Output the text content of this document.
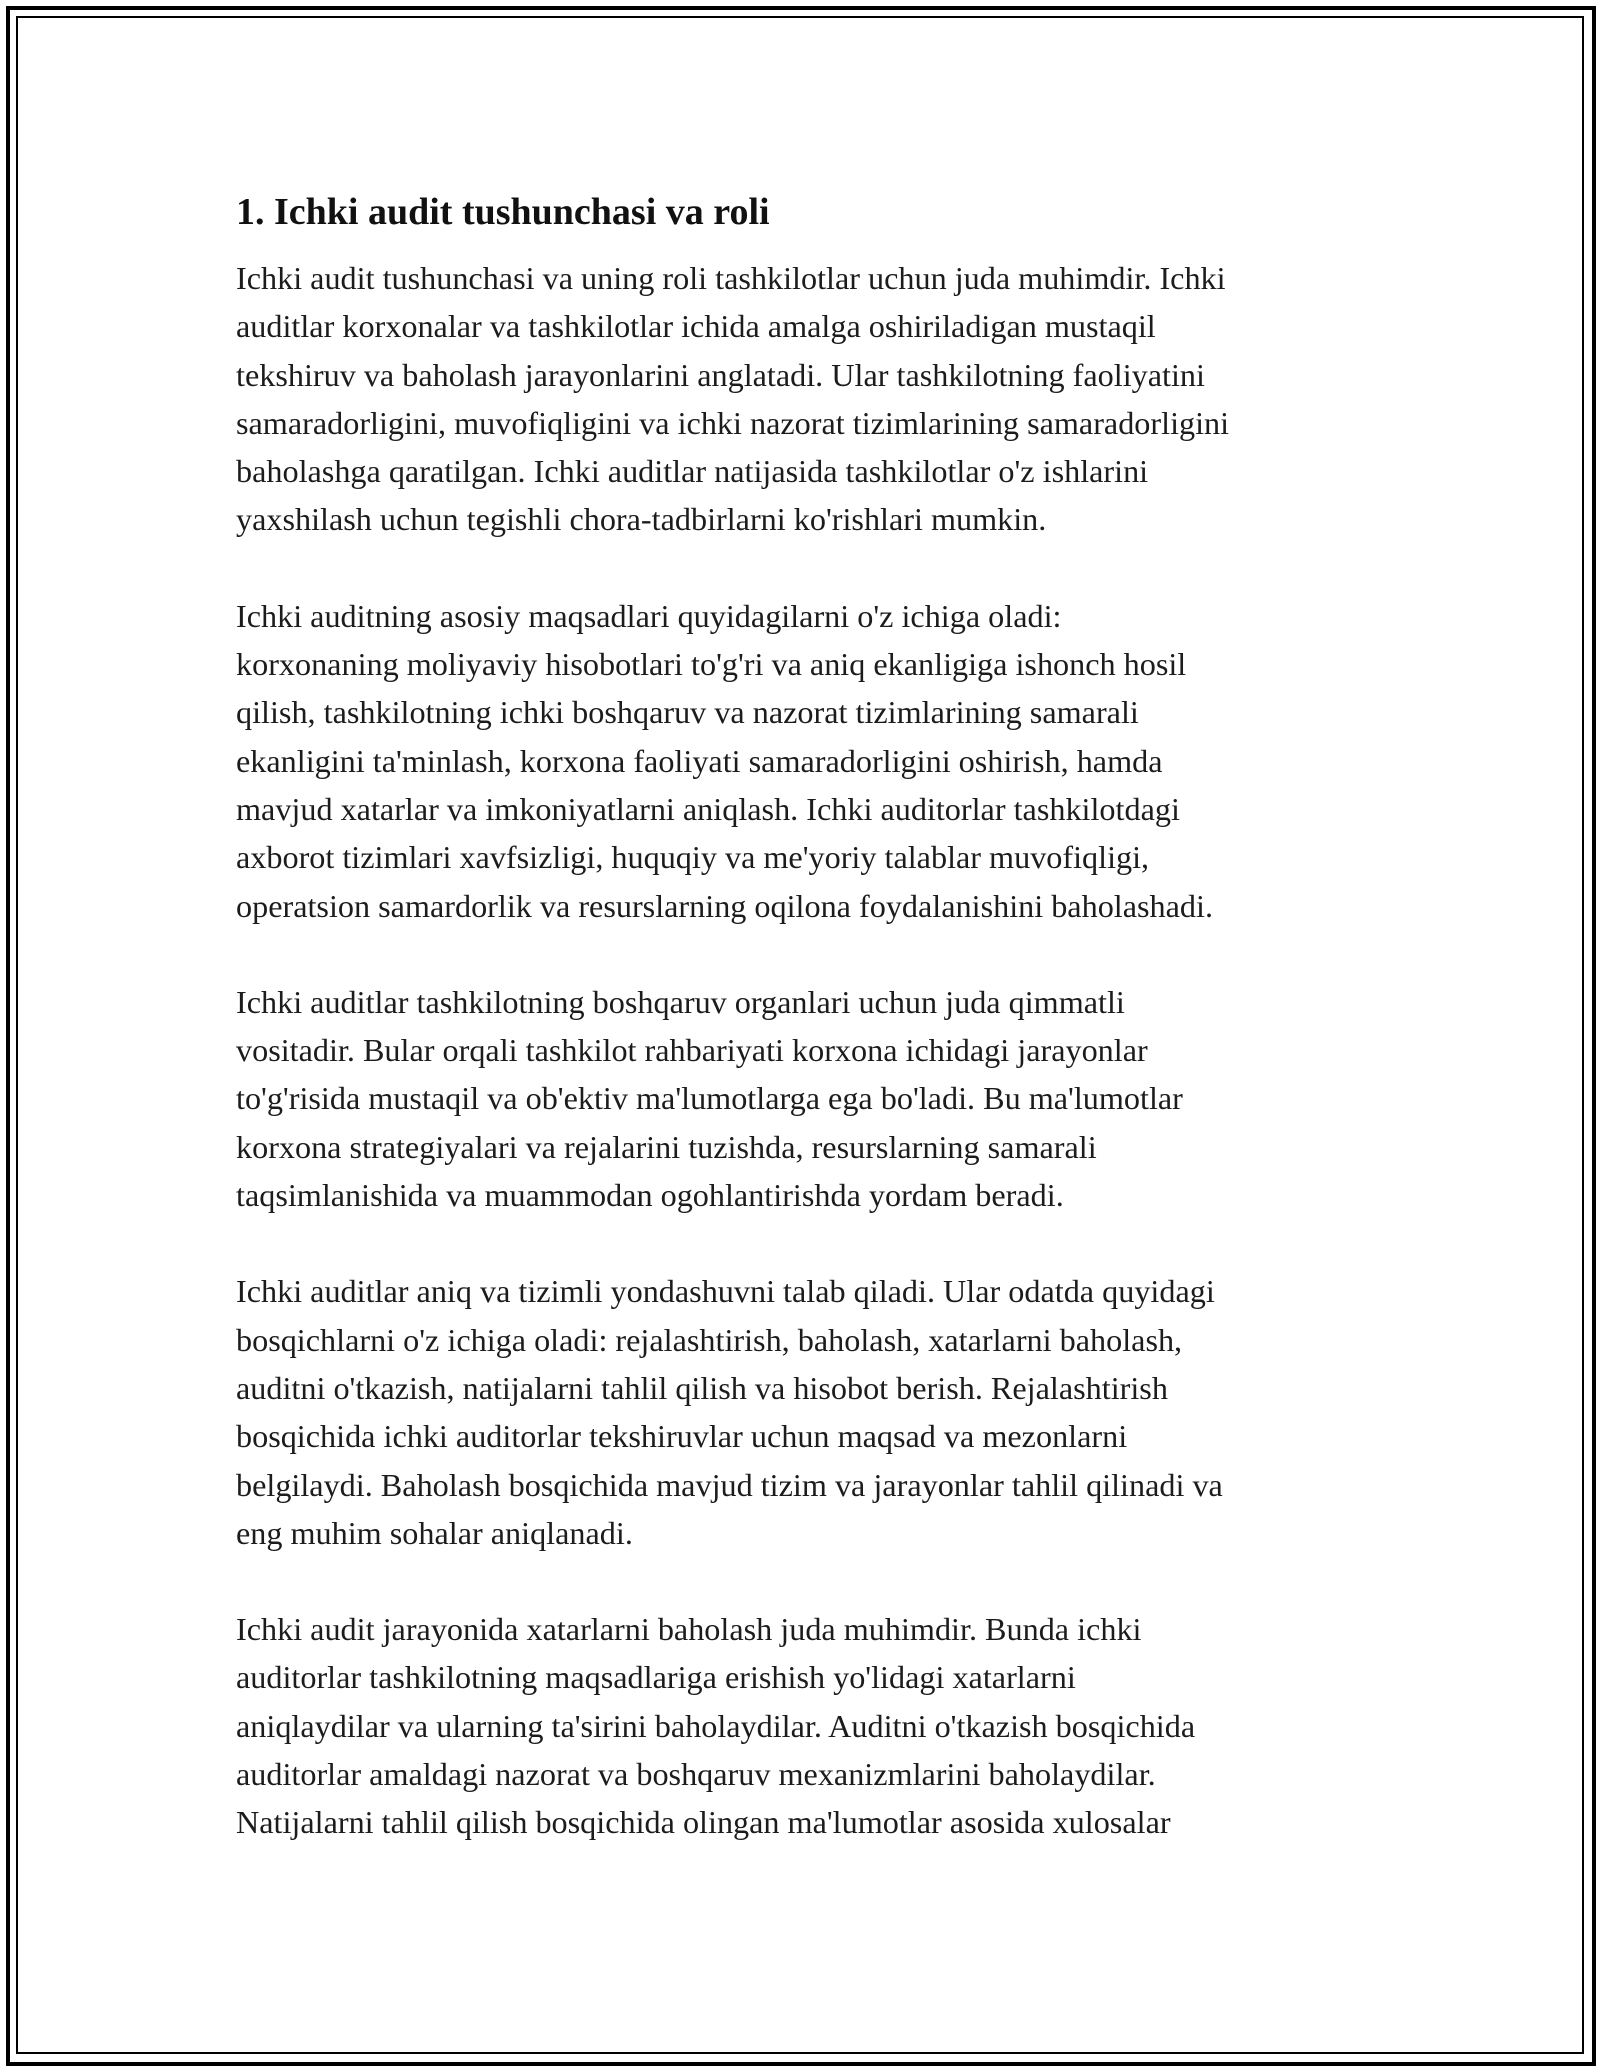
1. Ichki audit tushunchasi va roli

Ichki audit tushunchasi va uning roli tashkilotlar uchun juda muhimdir. Ichki
auditlar korxonalar va tashkilotlar ichida amalga oshiriladigan mustaqil
tekshiruv va baholash jarayonlarini anglatadi. Ular tashkilotning faoliyatini
samaradorligini, muvofiqligini va ichki nazorat tizimlarining samaradorligini
baholashga qaratilgan. Ichki auditlar natijasida tashkilotlar o'z ishlarini
yaxshilash uchun tegishli chora-tadbirlarni ko'rishlari mumkin.

Ichki auditning asosiy maqsadlari quyidagilarni o'z ichiga oladi:
korxonaning moliyaviy hisobotlari to'g'ri va aniq ekanligiga ishonch hosil
qilish, tashkilotning ichki boshqaruv va nazorat tizimlarining samarali
ekanligini ta'minlash, korxona faoliyati samaradorligini oshirish, hamda
mavjud xatarlar va imkoniyatlarni aniqlash. Ichki auditorlar tashkilotdagi
axborot tizimlari xavfsizligi, huquqiy va me'yoriy talablar muvofiqligi,
operatsion samardorlik va resurslarning oqilona foydalanishini baholashadi.

Ichki auditlar tashkilotning boshqaruv organlari uchun juda qimmatli
vositadir. Bular orqali tashkilot rahbariyati korxona ichidagi jarayonlar
to'g'risida mustaqil va ob'ektiv ma'lumotlarga ega bo'ladi. Bu ma'lumotlar
korxona strategiyalari va rejalarini tuzishda, resurslarning samarali
taqsimlanishida va muammodan ogohlantirishda yordam beradi.

Ichki auditlar aniq va tizimli yondashuvni talab qiladi. Ular odatda quyidagi
bosqichlarni o'z ichiga oladi: rejalashtirish, baholash, xatarlarni baholash,
auditni o'tkazish, natijalarni tahlil qilish va hisobot berish. Rejalashtirish
bosqichida ichki auditorlar tekshiruvlar uchun maqsad va mezonlarni
belgilaydi. Baholash bosqichida mavjud tizim va jarayonlar tahlil qilinadi va
eng muhim sohalar aniqlanadi.

Ichki audit jarayonida xatarlarni baholash juda muhimdir. Bunda ichki
auditorlar tashkilotning maqsadlariga erishish yo'lidagi xatarlarni
aniqlaydilar va ularning ta'sirini baholaydilar. Auditni o'tkazish bosqichida
auditorlar amaldagi nazorat va boshqaruv mexanizmlarini baholaydilar.
Natijalarni tahlil qilish bosqichida olingan ma'lumotlar asosida xulosalar
